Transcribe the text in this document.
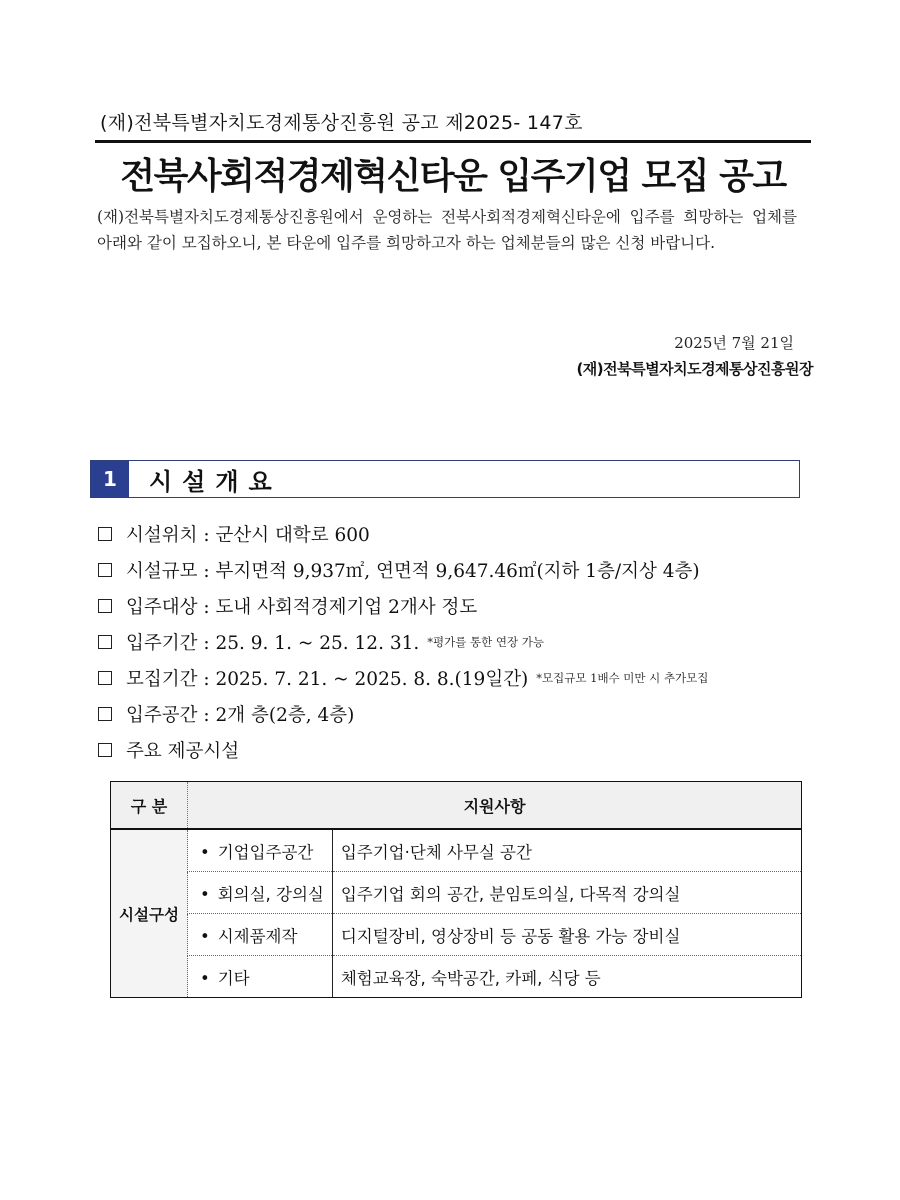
(재)전북특별자치도경제통상진흥원 공고 제2025- 147호
전북사회적경제혁신타운 입주기업 모집 공고
(재)전북특별자치도경제통상진흥원에서 운영하는 전북사회적경제혁신타운에 입주를 희망하는 업체를 아래와 같이 모집하오니, 본 타운에 입주를 희망하고자 하는 업체분들의 많은 신청 바랍니다.
2025년 7월 21일
(재)전북특별자치도경제통상진흥원장
1	시설개요
시설위치 : 군산시 대학로 600
시설규모 : 부지면적 9,937㎡, 연면적 9,647.46㎡(지하 1층/지상 4층)
입주대상 : 도내 사회적경제기업 2개사 정도
입주기간 : 25. 9. 1. ~ 25. 12. 31. *평가를 통한 연장 가능
모집기간 : 2025. 7. 21. ~ 2025. 8. 8.(19일간) *모집규모 1배수 미만 시 추가모집
입주공간 : 2개 층(2층, 4층)
주요 제공시설
구 분	지원사항	
시설구성	• 기업입주공간	입주기업·단체 사무실 공간
	• 회의실, 강의실	입주기업 회의 공간, 분임토의실, 다목적 강의실
	• 시제품제작	디지털장비, 영상장비 등 공동 활용 가능 장비실
	• 기타	체험교육장, 숙박공간, 카페, 식당 등
